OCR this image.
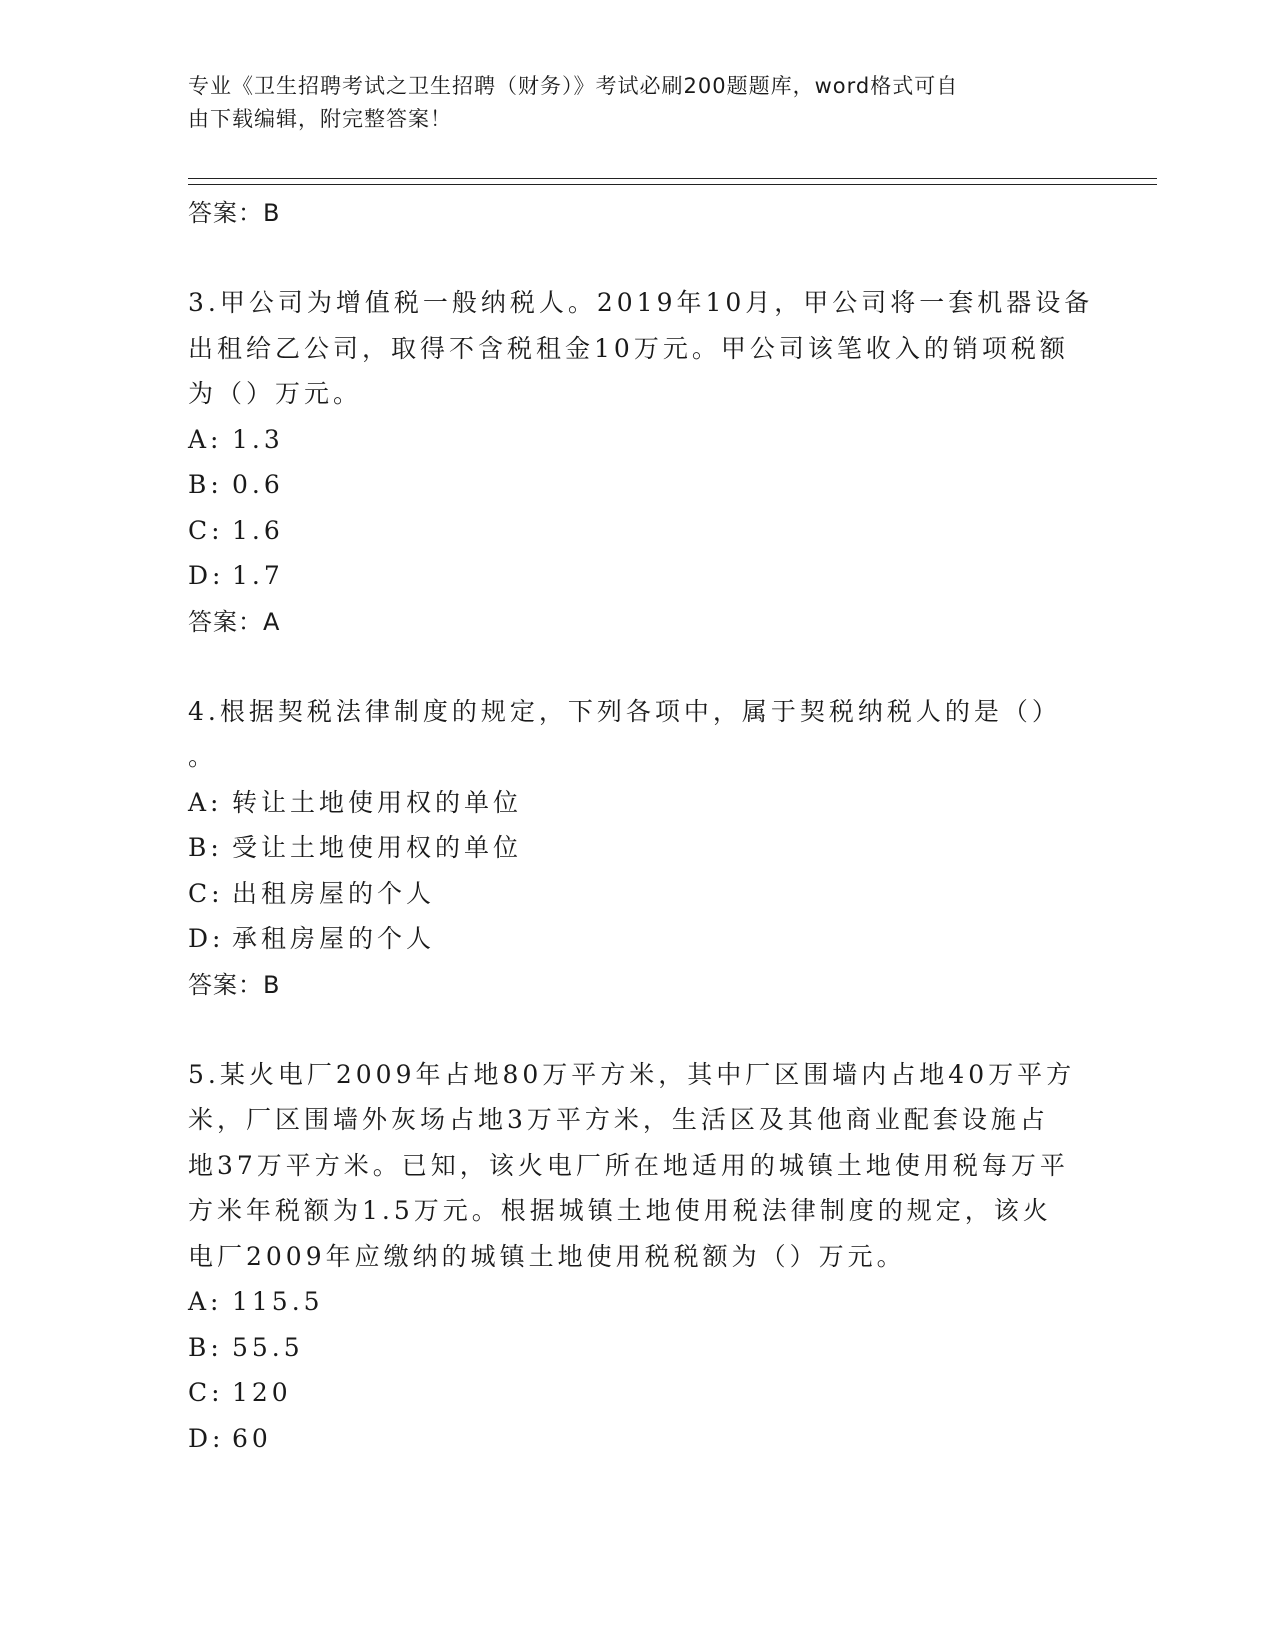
专业《卫生招聘考试之卫生招聘（财务）》考试必刷200题题库，word格式可自
由下载编辑，附完整答案！
答案：B
3.甲公司为增值税一般纳税人。2019年10月，甲公司将一套机器设备
出租给乙公司，取得不含税租金10万元。甲公司该笔收入的销项税额
为（）万元。
A: 1.3
B: 0.6
C: 1.6
D: 1.7
答案：A
4.根据契税法律制度的规定，下列各项中，属于契税纳税人的是（）
。
A: 转让土地使用权的单位
B: 受让土地使用权的单位
C: 出租房屋的个人
D: 承租房屋的个人
答案：B
5.某火电厂2009年占地80万平方米，其中厂区围墙内占地40万平方
米，厂区围墙外灰场占地3万平方米，生活区及其他商业配套设施占
地37万平方米。已知，该火电厂所在地适用的城镇土地使用税每万平
方米年税额为1.5万元。根据城镇土地使用税法律制度的规定，该火
电厂2009年应缴纳的城镇土地使用税税额为（）万元。
A: 115.5
B: 55.5
C: 120
D: 60
